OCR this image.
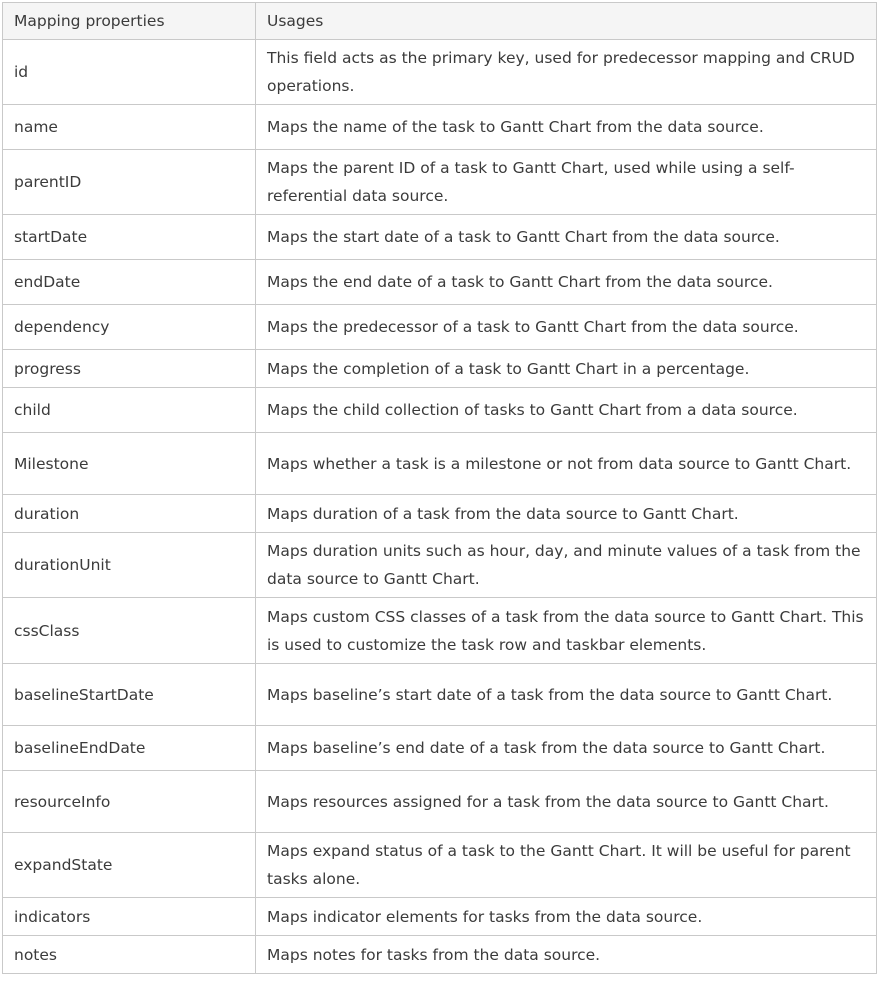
Mapping properties	Usages
id	This field acts as the primary key, used for predecessor mapping and CRUD operations.
name	Maps the name of the task to Gantt Chart from the data source.
parentID	Maps the parent ID of a task to Gantt Chart, used while using a self-referential data source.
startDate	Maps the start date of a task to Gantt Chart from the data source.
endDate	Maps the end date of a task to Gantt Chart from the data source.
dependency	Maps the predecessor of a task to Gantt Chart from the data source.
progress	Maps the completion of a task to Gantt Chart in a percentage.
child	Maps the child collection of tasks to Gantt Chart from a data source.
Milestone	Maps whether a task is a milestone or not from data source to Gantt Chart.
duration	Maps duration of a task from the data source to Gantt Chart.
durationUnit	Maps duration units such as hour, day, and minute values of a task from the data source to Gantt Chart.
cssClass	Maps custom CSS classes of a task from the data source to Gantt Chart. This is used to customize the task row and taskbar elements.
baselineStartDate	Maps baseline’s start date of a task from the data source to Gantt Chart.
baselineEndDate	Maps baseline’s end date of a task from the data source to Gantt Chart.
resourceInfo	Maps resources assigned for a task from the data source to Gantt Chart.
expandState	Maps expand status of a task to the Gantt Chart. It will be useful for parent tasks alone.
indicators	Maps indicator elements for tasks from the data source.
notes	Maps notes for tasks from the data source.
